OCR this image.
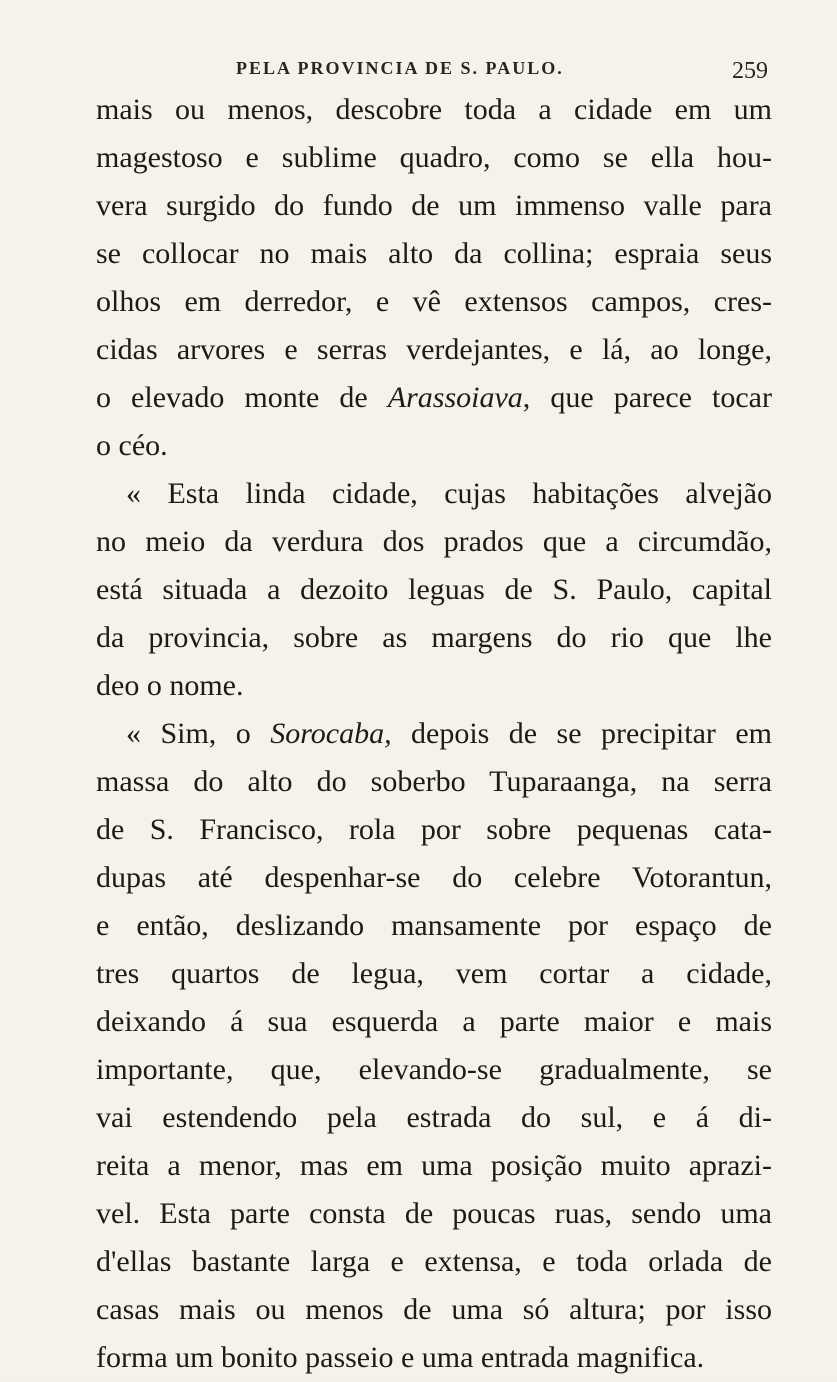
PELA PROVINCIA DE S. PAULO.	259
mais ou menos, descobre toda a cidade em um
magestoso e sublime quadro, como se ella hou-
vera surgido do fundo de um immenso valle para
se collocar no mais alto da collina; espraia seus
olhos em derredor, e vê extensos campos, cres-
cidas arvores e serras verdejantes, e lá, ao longe,
o elevado monte de Arassoiava, que parece tocar
o céo.
« Esta linda cidade, cujas habitações alvejão
no meio da verdura dos prados que a circumdão,
está situada a dezoito leguas de S. Paulo, capital
da provincia, sobre as margens do rio que lhe
deo o nome.
« Sim, o Sorocaba, depois de se precipitar em
massa do alto do soberbo Tuparaanga, na serra
de S. Francisco, rola por sobre pequenas cata-
dupas até despenhar-se do celebre Votorantun,
e então, deslizando mansamente por espaço de
tres quartos de legua, vem cortar a cidade,
deixando á sua esquerda a parte maior e mais
importante, que, elevando-se gradualmente, se
vai estendendo pela estrada do sul, e á di-
reita a menor, mas em uma posição muito aprazi-
vel. Esta parte consta de poucas ruas, sendo uma
d'ellas bastante larga e extensa, e toda orlada de
casas mais ou menos de uma só altura; por isso
forma um bonito passeio e uma entrada magnifica.
